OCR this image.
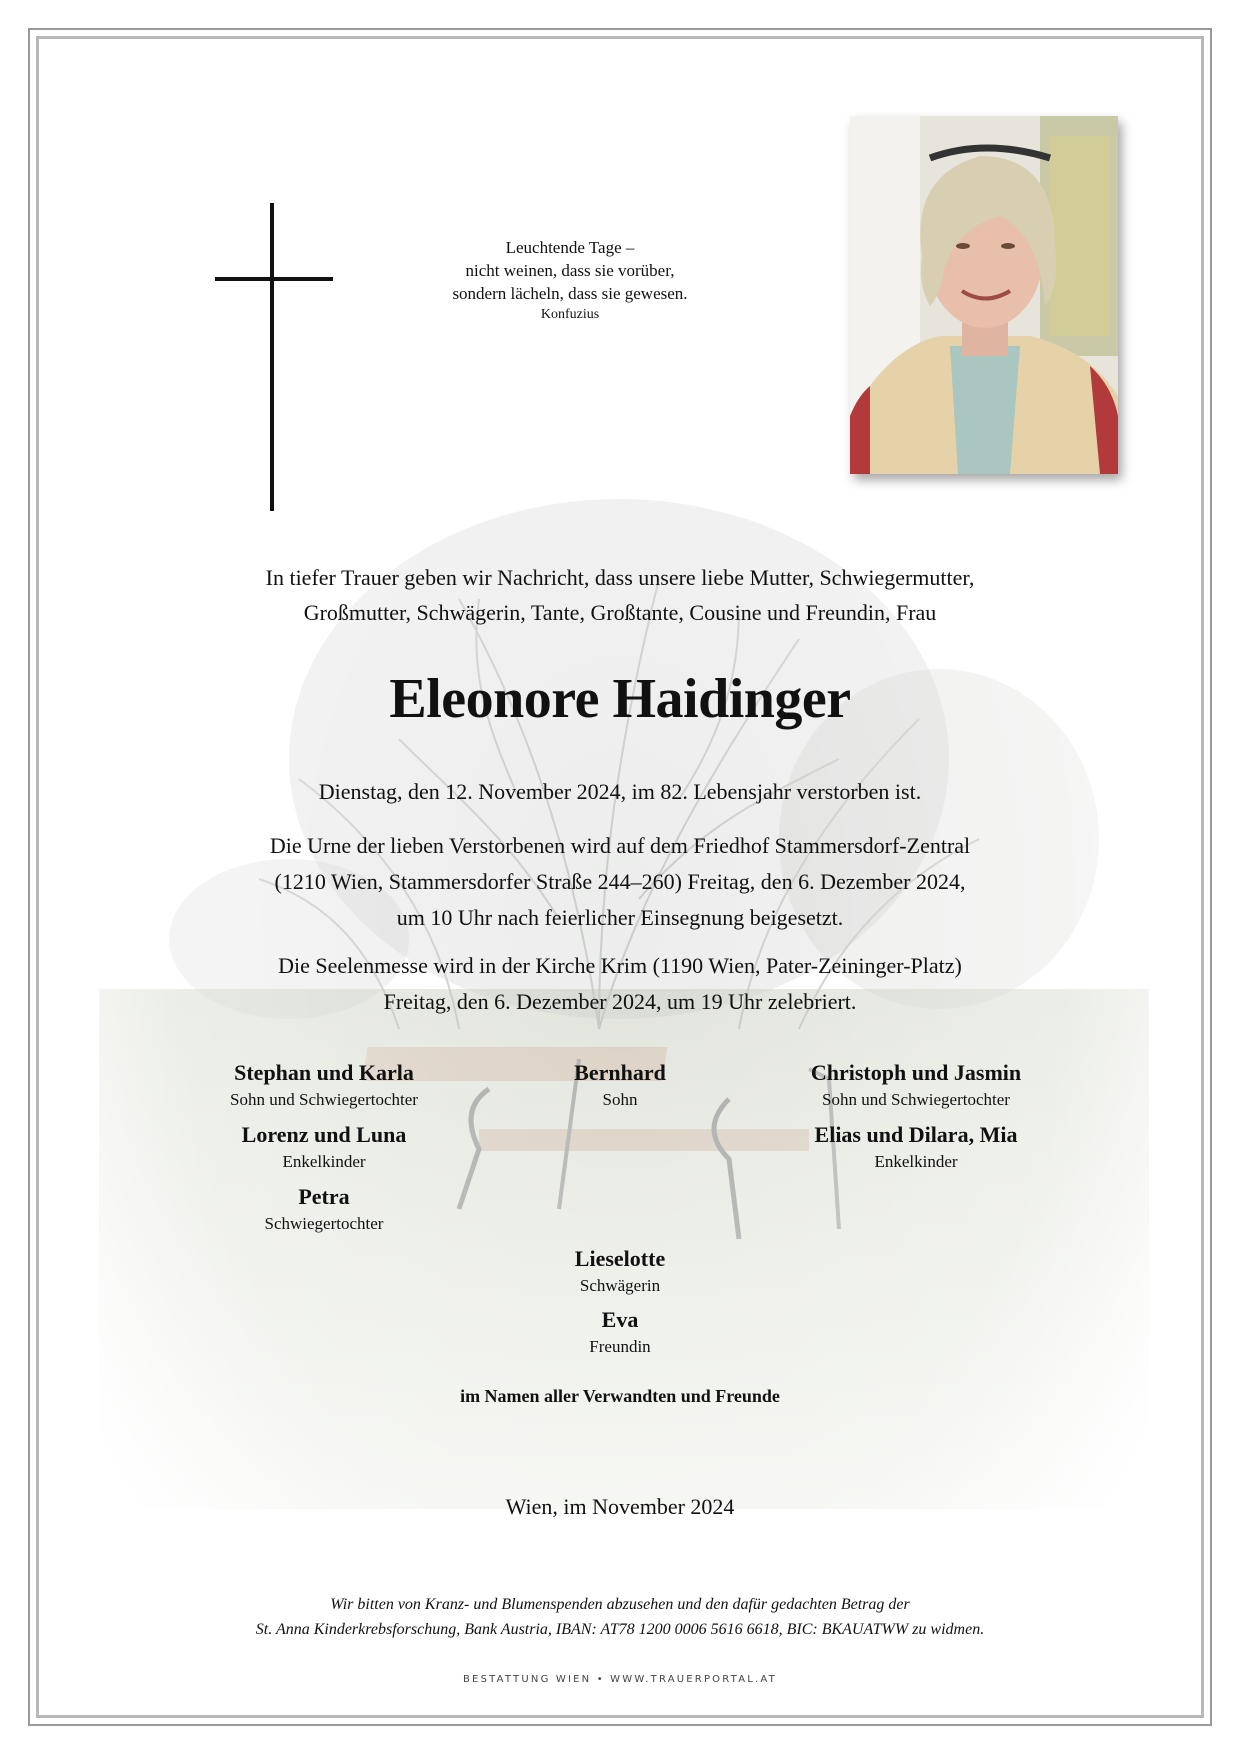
Leuchtende Tage –
nicht weinen, dass sie vorüber,
sondern lächeln, dass sie gewesen.
Konfuzius
In tiefer Trauer geben wir Nachricht, dass unsere liebe Mutter, Schwiegermutter,
Großmutter, Schwägerin, Tante, Großtante, Cousine und Freundin, Frau
Eleonore Haidinger
Dienstag, den 12. November 2024, im 82. Lebensjahr verstorben ist.
Die Urne der lieben Verstorbenen wird auf dem Friedhof Stammersdorf-Zentral
(1210 Wien, Stammersdorfer Straße 244–260) Freitag, den 6. Dezember 2024,
um 10 Uhr nach feierlicher Einsegnung beigesetzt.
Die Seelenmesse wird in der Kirche Krim (1190 Wien, Pater-Zeininger-Platz)
Freitag, den 6. Dezember 2024, um 19 Uhr zelebriert.
Stephan und Karla
Sohn und Schwiegertochter
Bernhard
Sohn
Christoph und Jasmin
Sohn und Schwiegertochter
Lorenz und Luna
Enkelkinder
Elias und Dilara, Mia
Enkelkinder
Petra
Schwiegertochter
Lieselotte
Schwägerin
Eva
Freundin
im Namen aller Verwandten und Freunde
Wien, im November 2024
Wir bitten von Kranz- und Blumenspenden abzusehen und den dafür gedachten Betrag der
St. Anna Kinderkrebsforschung, Bank Austria, IBAN: AT78 1200 0006 5616 6618, BIC: BKAUATWW zu widmen.
BESTATTUNG WIEN • WWW.TRAUERPORTAL.AT
